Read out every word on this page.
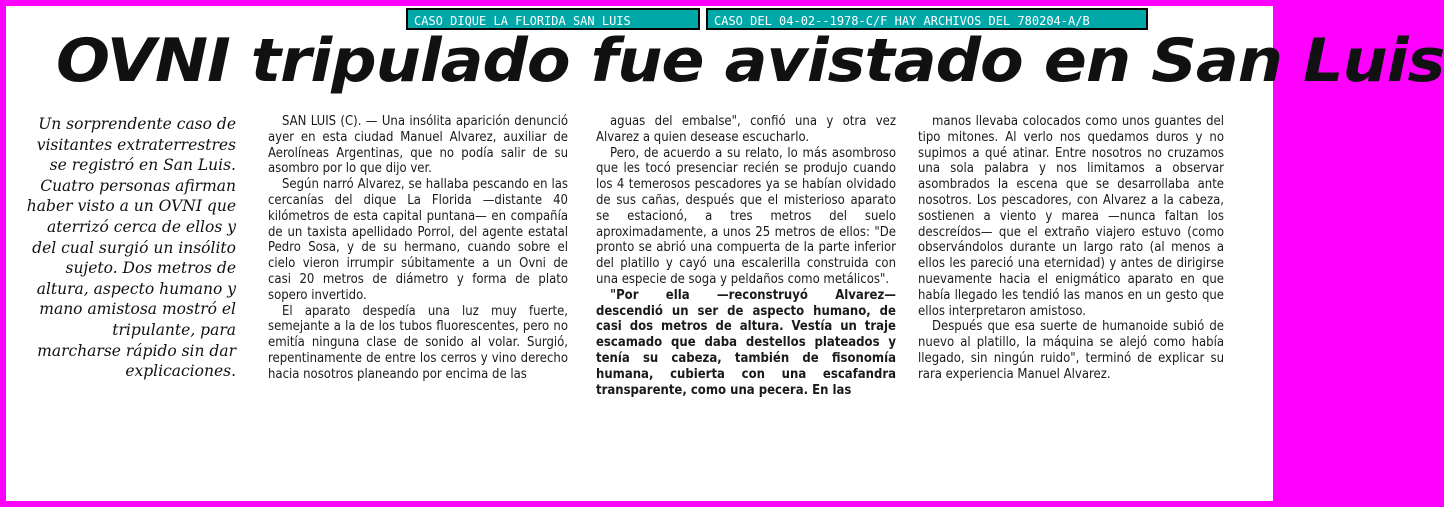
CASO DIQUE LA FLORIDA SAN LUIS	CASO DEL 04-02--1978-C/F HAY ARCHIVOS DEL 780204-A/B
OVNI tripulado fue avistado en San Luis
Un sorprendente caso de visitantes extraterrestres se registró en San Luis. Cuatro personas afirman haber visto a un OVNI que aterrizó cerca de ellos y del cual surgió un insólito sujeto. Dos metros de altura, aspecto humano y mano amistosa mostró el tripulante, para marcharse rápido sin dar explicaciones.

SAN LUIS (C). — Una insólita aparición denunció ayer en esta ciudad Manuel Alvarez, auxiliar de Aerolíneas Argentinas, que no podía salir de su asombro por lo que dijo ver.

Según narró Alvarez, se hallaba pescando en las cercanías del dique La Florida —distante 40 kilómetros de esta capital puntana— en compañía de un taxista apellidado Porrol, del agente estatal Pedro Sosa, y de su hermano, cuando sobre el cielo vieron irrumpir súbitamente a un Ovni de casi 20 metros de diámetro y forma de plato sopero invertido.

El aparato despedía una luz muy fuerte, semejante a la de los tubos fluorescentes, pero no emitía ninguna clase de sonido al volar. Surgió, repentinamente de entre los cerros y vino derecho hacia nosotros planeando por encima de las

aguas del embalse", confió una y otra vez Alvarez a quien desease escucharlo.

Pero, de acuerdo a su relato, lo más asombroso que les tocó presenciar recién se produjo cuando los 4 temerosos pescadores ya se habían olvidado de sus cañas, después que el misterioso aparato se estacionó, a tres metros del suelo aproximadamente, a unos 25 metros de ellos: "De pronto se abrió una compuerta de la parte inferior del platillo y cayó una escalerilla construida con una especie de soga y peldaños como metálicos".

"Por ella —reconstruyó Alvarez— descendió un ser de aspecto humano, de casi dos metros de altura. Vestía un traje escamado que daba destellos plateados y tenía su cabeza, también de fisonomía humana, cubierta con una escafandra transparente, como una pecera. En las

manos llevaba colocados como unos guantes del tipo mitones. Al verlo nos quedamos duros y no supimos a qué atinar. Entre nosotros no cruzamos una sola palabra y nos limitamos a observar asombrados la escena que se desarrollaba ante nosotros. Los pescadores, con Alvarez a la cabeza, sostienen a viento y marea —nunca faltan los descreídos— que el extraño viajero estuvo (como observándolos durante un largo rato (al menos a ellos les pareció una eternidad) y antes de dirigirse nuevamente hacia el enigmático aparato en que había llegado les tendió las manos en un gesto que ellos interpretaron amistoso.

Después que esa suerte de humanoide subió de nuevo al platillo, la máquina se alejó como había llegado, sin ningún ruido", terminó de explicar su rara experiencia Manuel Alvarez.
